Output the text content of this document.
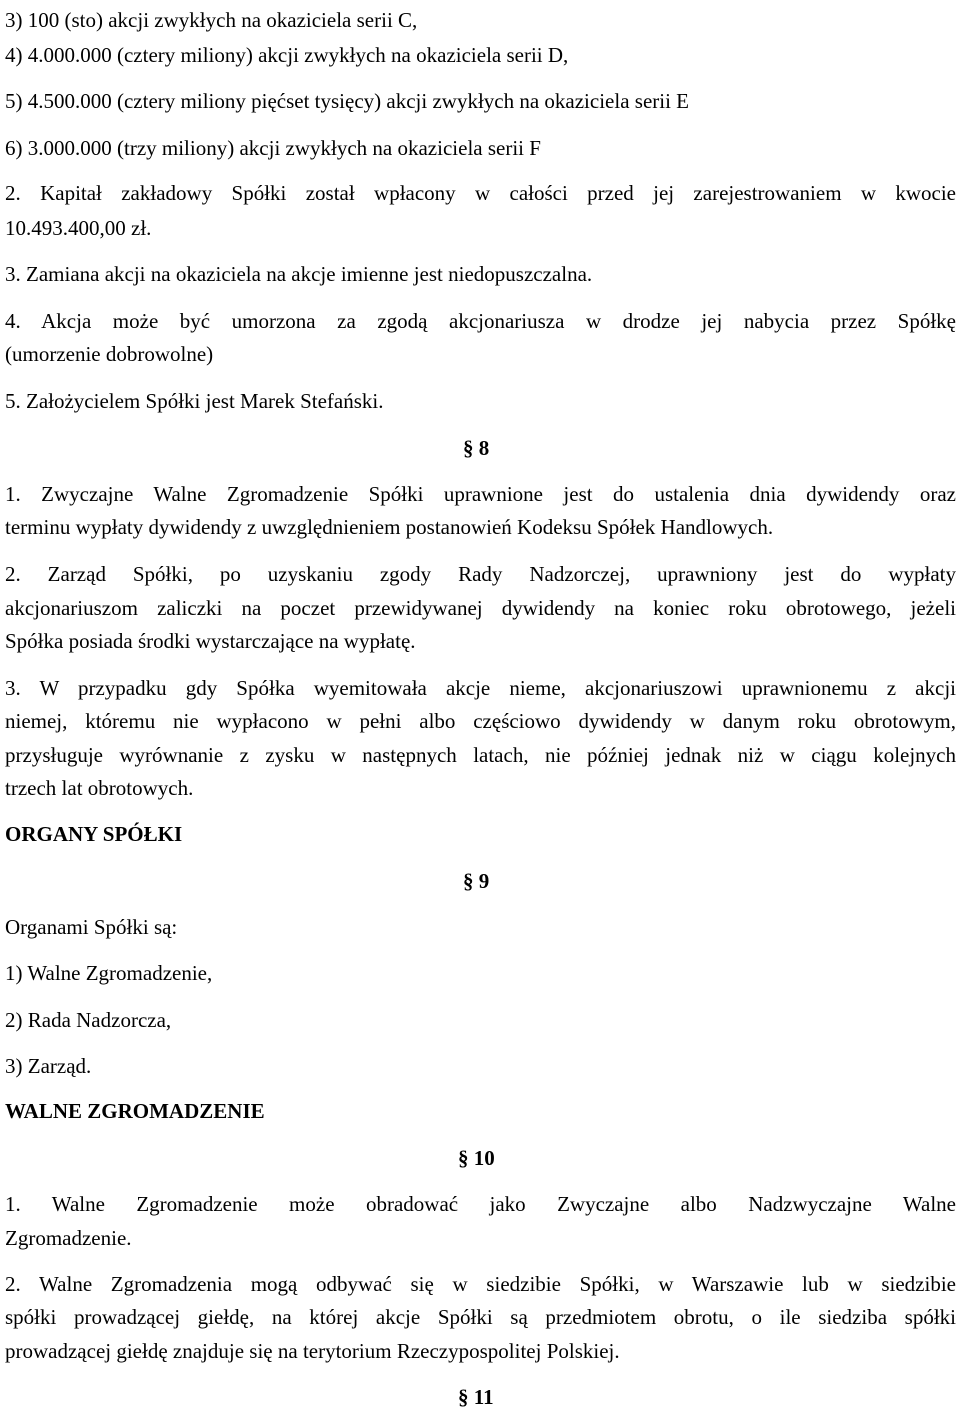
3) 100 (sto) akcji zwykłych na okaziciela serii C,

4) 4.000.000 (cztery miliony) akcji zwykłych na okaziciela serii D,

5) 4.500.000 (cztery miliony pięćset tysięcy) akcji zwykłych na okaziciela serii E

6) 3.000.000 (trzy miliony) akcji zwykłych na okaziciela serii F

2. Kapitał zakładowy Spółki został wpłacony w całości przed jej zarejestrowaniem w kwocie

10.493.400,00 zł.

3. Zamiana akcji na okaziciela na akcje imienne jest niedopuszczalna.

4. Akcja może być umorzona za zgodą akcjonariusza w drodze jej nabycia przez Spółkę

(umorzenie dobrowolne)

5. Założycielem Spółki jest Marek Stefański.

§ 8

1. Zwyczajne Walne Zgromadzenie Spółki uprawnione jest do ustalenia dnia dywidendy oraz

terminu wypłaty dywidendy z uwzględnieniem postanowień Kodeksu Spółek Handlowych.

2. Zarząd Spółki, po uzyskaniu zgody Rady Nadzorczej, uprawniony jest do wypłaty

akcjonariuszom zaliczki na poczet przewidywanej dywidendy na koniec roku obrotowego, jeżeli

Spółka posiada środki wystarczające na wypłatę.

3. W przypadku gdy Spółka wyemitowała akcje nieme, akcjonariuszowi uprawnionemu z akcji

niemej, któremu nie wypłacono w pełni albo częściowo dywidendy w danym roku obrotowym,

przysługuje wyrównanie z zysku w następnych latach, nie później jednak niż w ciągu kolejnych

trzech lat obrotowych.

ORGANY SPÓŁKI

§ 9

Organami Spółki są:

1) Walne Zgromadzenie,

2) Rada Nadzorcza,

3) Zarząd.

WALNE ZGROMADZENIE

§ 10

1. Walne Zgromadzenie może obradować jako Zwyczajne albo Nadzwyczajne Walne

Zgromadzenie.

2. Walne Zgromadzenia mogą odbywać się w siedzibie Spółki, w Warszawie lub w siedzibie

spółki prowadzącej giełdę, na której akcje Spółki są przedmiotem obrotu, o ile siedziba spółki

prowadzącej giełdę znajduje się na terytorium Rzeczypospolitej Polskiej.

§ 11
